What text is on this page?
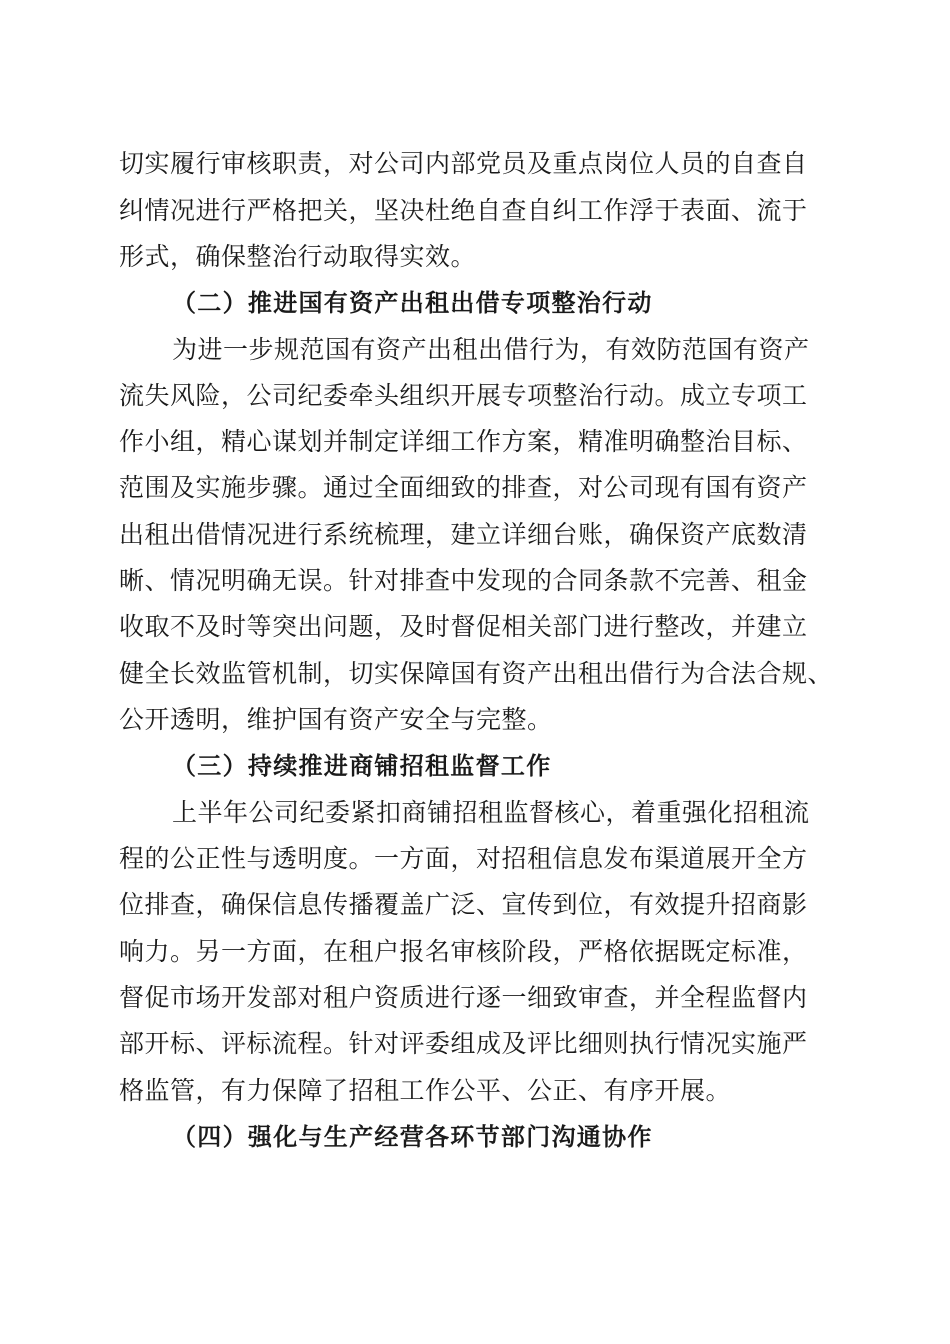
切实履行审核职责，对公司内部党员及重点岗位人员的自查自
纠情况进行严格把关，坚决杜绝自查自纠工作浮于表面、流于
形式，确保整治行动取得实效。
（二）推进国有资产出租出借专项整治行动
为进一步规范国有资产出租出借行为，有效防范国有资产
流失风险，公司纪委牵头组织开展专项整治行动。成立专项工
作小组，精心谋划并制定详细工作方案，精准明确整治目标、
范围及实施步骤。通过全面细致的排查，对公司现有国有资产
出租出借情况进行系统梳理，建立详细台账，确保资产底数清
晰、情况明确无误。针对排查中发现的合同条款不完善、租金
收取不及时等突出问题，及时督促相关部门进行整改，并建立
健全长效监管机制，切实保障国有资产出租出借行为合法合规、
公开透明，维护国有资产安全与完整。
（三）持续推进商铺招租监督工作
上半年公司纪委紧扣商铺招租监督核心，着重强化招租流
程的公正性与透明度。一方面，对招租信息发布渠道展开全方
位排查，确保信息传播覆盖广泛、宣传到位，有效提升招商影
响力。另一方面，在租户报名审核阶段，严格依据既定标准，
督促市场开发部对租户资质进行逐一细致审查，并全程监督内
部开标、评标流程。针对评委组成及评比细则执行情况实施严
格监管，有力保障了招租工作公平、公正、有序开展。
（四）强化与生产经营各环节部门沟通协作
